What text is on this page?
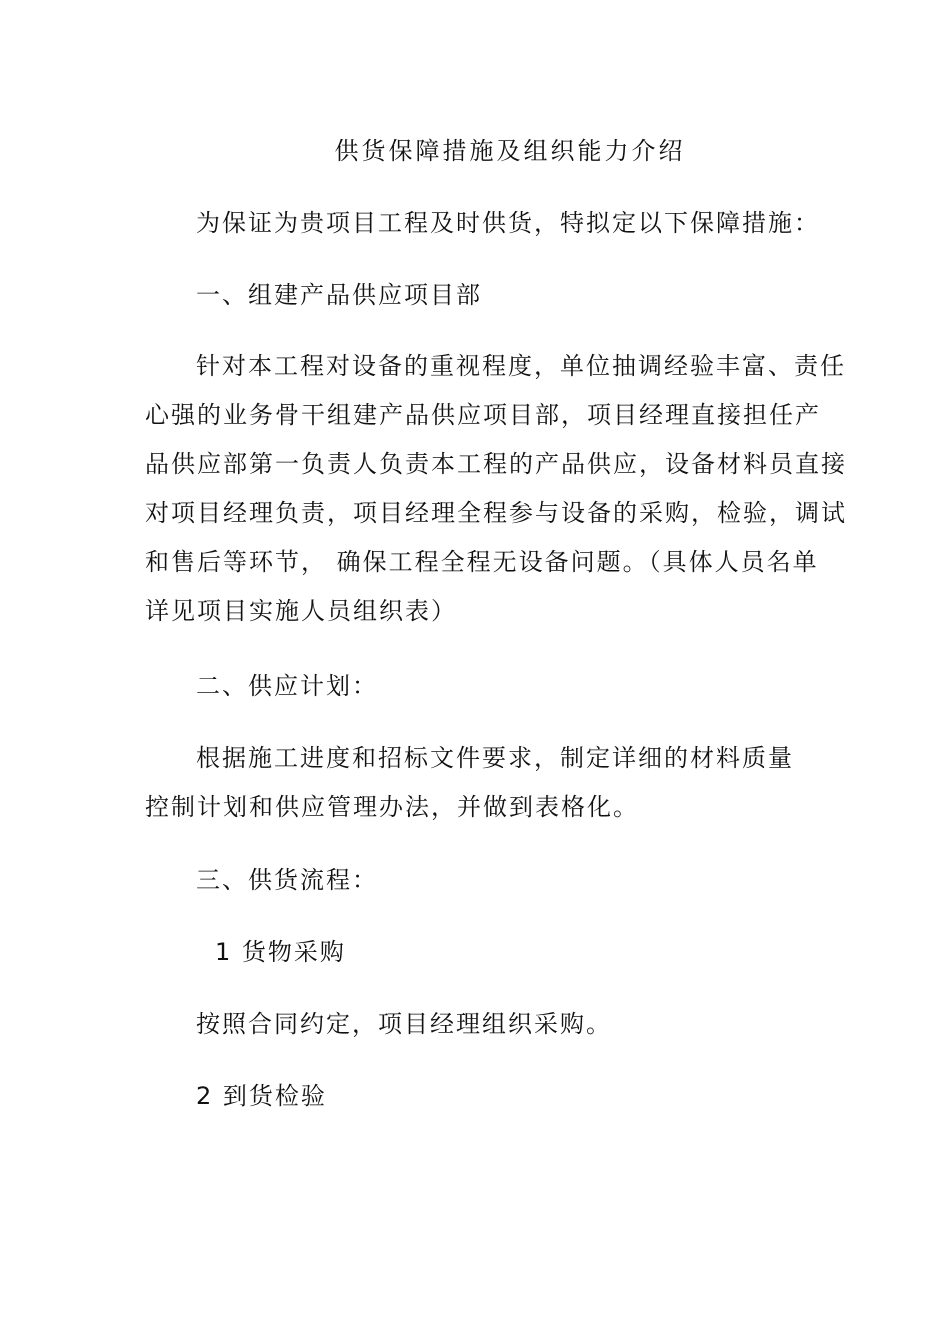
供货保障措施及组织能力介绍
为保证为贵项目工程及时供货，特拟定以下保障措施：
一、组建产品供应项目部
针对本工程对设备的重视程度，单位抽调经验丰富、责任
心强的业务骨干组建产品供应项目部，项目经理直接担任产
品供应部第一负责人负责本工程的产品供应，设备材料员直接
对项目经理负责，项目经理全程参与设备的采购，检验，调试
和售后等环节， 确保工程全程无设备问题。（具体人员名单
详见项目实施人员组织表）
二、供应计划：
根据施工进度和招标文件要求，制定详细的材料质量
控制计划和供应管理办法，并做到表格化。
三、供货流程：
1 货物采购
按照合同约定，项目经理组织采购。
2 到货检验
